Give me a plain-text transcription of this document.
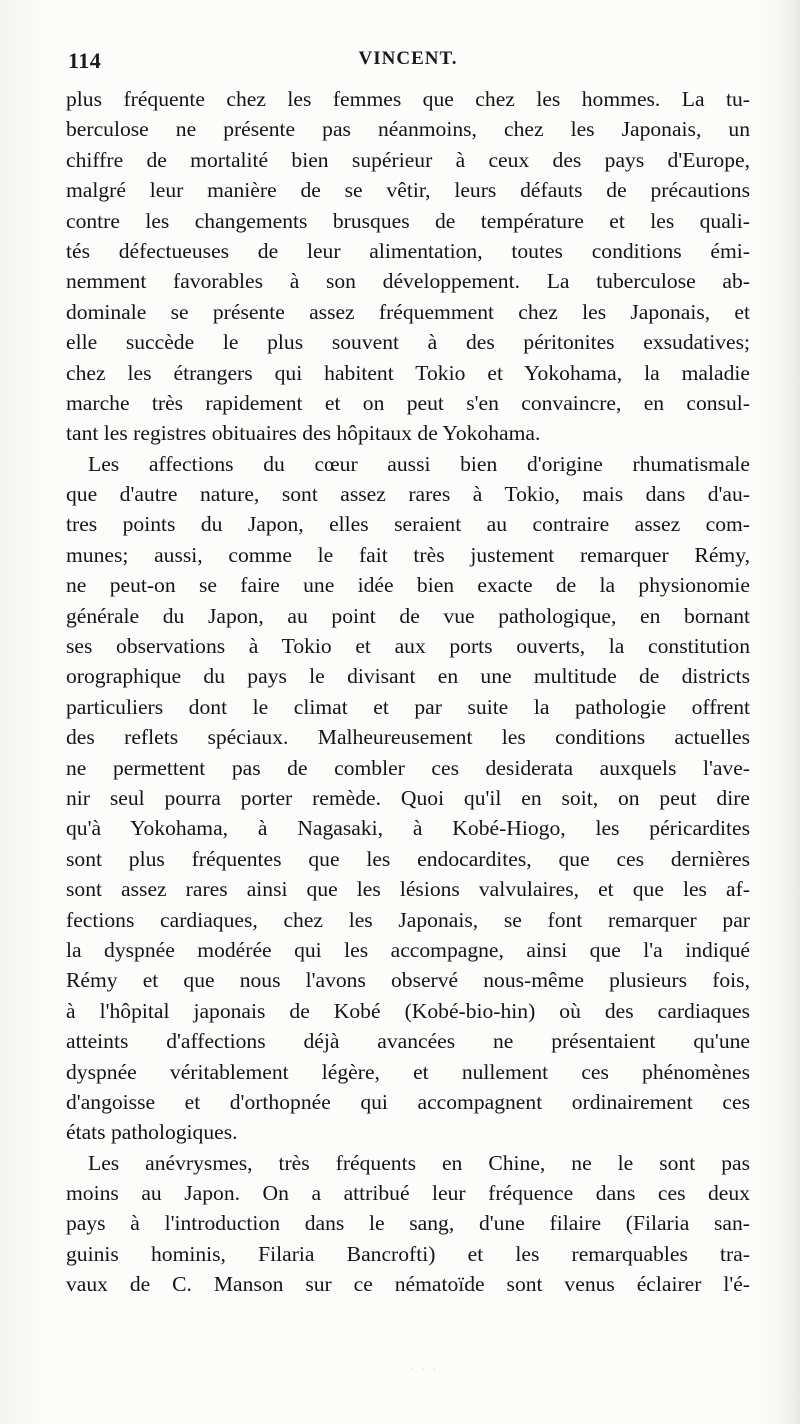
114	VINCENT.
plus fréquente chez les femmes que chez les hommes. La tu-
berculose ne présente pas néanmoins, chez les Japonais, un
chiffre de mortalité bien supérieur à ceux des pays d'Europe,
malgré leur manière de se vêtir, leurs défauts de précautions
contre les changements brusques de température et les quali-
tés défectueuses de leur alimentation, toutes conditions émi-
nemment favorables à son développement. La tuberculose ab-
dominale se présente assez fréquemment chez les Japonais, et
elle succède le plus souvent à des péritonites exsudatives;
chez les étrangers qui habitent Tokio et Yokohama, la maladie
marche très rapidement et on peut s'en convaincre, en consul-
tant les registres obituaires des hôpitaux de Yokohama.
Les affections du cœur aussi bien d'origine rhumatismale
que d'autre nature, sont assez rares à Tokio, mais dans d'au-
tres points du Japon, elles seraient au contraire assez com-
munes; aussi, comme le fait très justement remarquer Rémy,
ne peut-on se faire une idée bien exacte de la physionomie
générale du Japon, au point de vue pathologique, en bornant
ses observations à Tokio et aux ports ouverts, la constitution
orographique du pays le divisant en une multitude de districts
particuliers dont le climat et par suite la pathologie offrent
des reflets spéciaux. Malheureusement les conditions actuelles
ne permettent pas de combler ces desiderata auxquels l'ave-
nir seul pourra porter remède. Quoi qu'il en soit, on peut dire
qu'à Yokohama, à Nagasaki, à Kobé-Hiogo, les péricardites
sont plus fréquentes que les endocardites, que ces dernières
sont assez rares ainsi que les lésions valvulaires, et que les af-
fections cardiaques, chez les Japonais, se font remarquer par
la dyspnée modérée qui les accompagne, ainsi que l'a indiqué
Rémy et que nous l'avons observé nous-même plusieurs fois,
à l'hôpital japonais de Kobé (Kobé-bio-hin) où des cardiaques
atteints d'affections déjà avancées ne présentaient qu'une
dyspnée véritablement légère, et nullement ces phénomènes
d'angoisse et d'orthopnée qui accompagnent ordinairement ces
états pathologiques.
Les anévrysmes, très fréquents en Chine, ne le sont pas
moins au Japon. On a attribué leur fréquence dans ces deux
pays à l'introduction dans le sang, d'une filaire (Filaria san-
guinis hominis, Filaria Bancrofti) et les remarquables tra-
vaux de C. Manson sur ce nématoïde sont venus éclairer l'é-
· · ·
